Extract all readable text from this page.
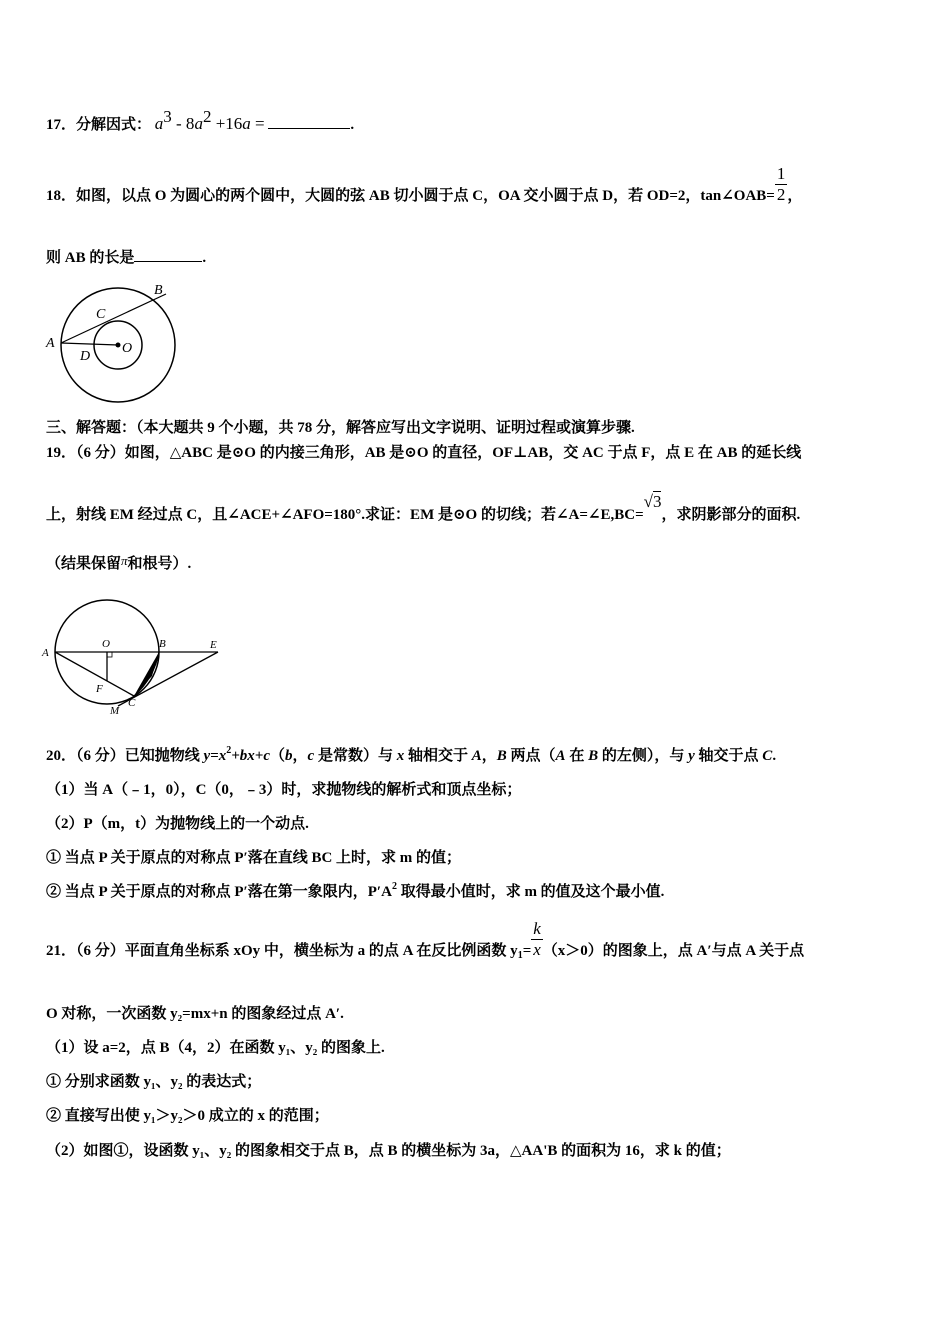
17．分解因式： $a^3 - 8a^2 +16a$ =	.
18．如图，以点 O 为圆心的两个圆中，大圆的弦 AB 切小圆于点 C，OA 交小圆于点 D，若 OD=2，tan∠OAB= $\frac{1}{2}$ ，
则 AB 的长是	.
A
B
C
D
O
三、解答题：（本大题共 9 个小题，共 78 分，解答应写出文字说明、证明过程或演算步骤.
19．（6 分）如图，△ABC 是⊙O 的内接三角形，AB 是⊙O 的直径，OF⊥AB，交 AC 于点 F，点 E 在 AB 的延长线
上，射线 EM 经过点 C，且∠ACE+∠AFO=180°.求证：EM 是⊙O 的切线；若∠A=∠E,BC=√3，求阴影部分的面积.
（结果保留π和根号）.
A
O	B	E
F
C
M
20．（6 分）已知抛物线 $y=x^2+bx+c(b$，c 是常数）与 x 轴相交于 A，B 两点（A 在 B 的左侧），与 y 轴交于点 C.
（1）当 A（﹣1，0），C（0，﹣3）时，求抛物线的解析式和顶点坐标；
（2）P（m，t）为抛物线上的一个动点.
① 当点 P 关于原点的对称点 P′落在直线 BC 上时，求 m 的值；
② 当点 P 关于原点的对称点 P′落在第一象限内，$P'A^2$ 取得最小值时，求 m 的值及这个最小值.
21．（6 分）平面直角坐标系 xOy 中，横坐标为 a 的点 A 在反比例函数 $y_1= \frac{k}{x} (x>0)$的图象上，点 A′与点 A 关于点
O 对称，一次函数 y₂=mx+n 的图象经过点 A′.
（1）设 a=2，点 B（4，2）在函数 y₁、y₂ 的图象上.
① 分别求函数 y₁、y₂ 的表达式；
② 直接写出使 y₁＞y₂＞0 成立的 x 的范围；
（2）如图①，设函数 y₁、y₂ 的图象相交于点 B，点 B 的横坐标为 3a，△AA'B 的面积为 16，求 k 的值；
